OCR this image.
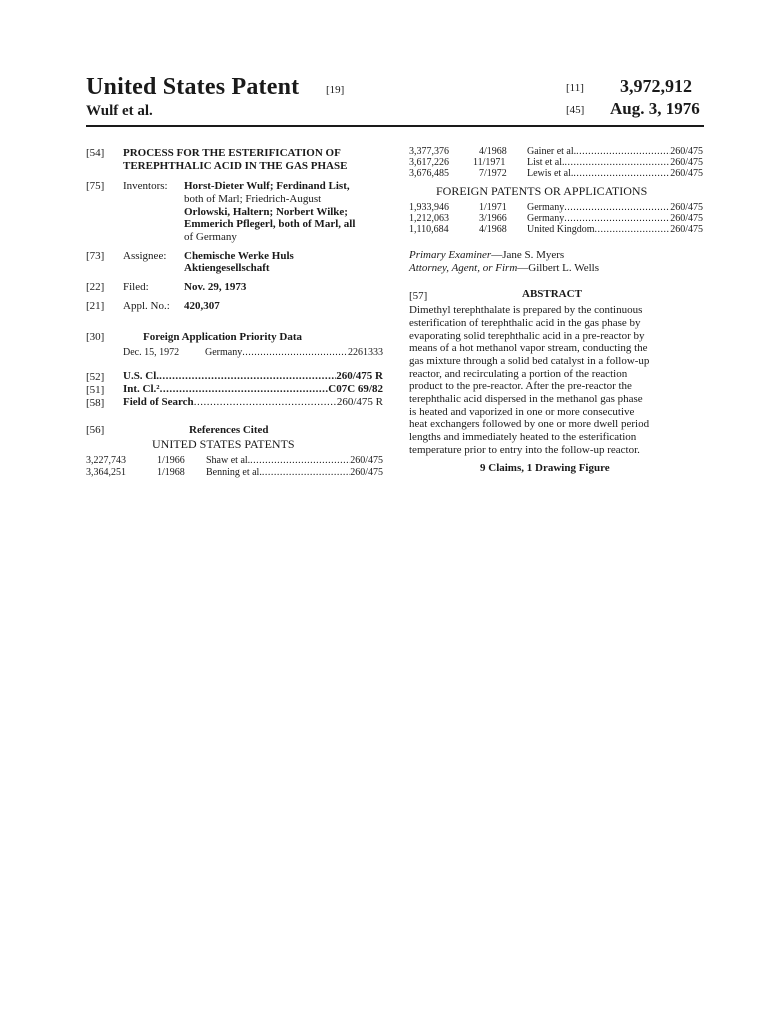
United States Patent [19]
Wulf et al.
[11] 3,972,912
[45] Aug. 3, 1976
[54] PROCESS FOR THE ESTERIFICATION OF
TEREPHTHALIC ACID IN THE GAS PHASE
[75] Inventors: Horst-Dieter Wulf; Ferdinand List,
both of Marl; Friedrich-August
Orlowski, Haltern; Norbert Wilke;
Emmerich Pflegerl, both of Marl, all
of Germany
[73] Assignee: Chemische Werke Huls
Aktiengesellschaft
[22] Filed:	Nov. 29, 1973
[21] Appl. No.: 420,307
[30]	Foreign Application Priority Data
Dec. 15, 1972	Germany .....	2261333
[52] U.S. Cl. .....	260/475 R
[51] Int. Cl.² .....	C07C 69/82
[58] Field of Search .....	260/475 R
[56]	References Cited
UNITED STATES PATENTS
3,227,743	1/1966 Shaw et al. .....	260/475
3,364,251	1/1968 Benning et al. .....	260/475
3,377,376	4/1968 Gainer et al. .....	260/475
3,617,226 11/1971 List et al. .....	260/475
3,676,485	7/1972 Lewis et al. .....	260/475
FOREIGN PATENTS OR APPLICATIONS
1,933,946	1/1971 Germany .....	260/475
1,212,063	3/1966 Germany .....	260/475
1,110,684	4/1968 United Kingdom .....	260/475
Primary Examiner—Jane S. Myers
Attorney, Agent, or Firm—Gilbert L. Wells
[57]	ABSTRACT
Dimethyl terephthalate is prepared by the continuous
esterification of terephthalic acid in the gas phase by
evaporating solid terephthalic acid in a pre-reactor by
means of a hot methanol vapor stream, conducting the
gas mixture through a solid bed catalyst in a follow-up
reactor, and recirculating a portion of the reaction
product to the pre-reactor. After the pre-reactor the
terephthalic acid dispersed in the methanol gas phase
is heated and vaporized in one or more consecutive
heat exchangers followed by one or more dwell period
lengths and immediately heated to the esterification
temperature prior to entry into the follow-up reactor.
9 Claims, 1 Drawing Figure
